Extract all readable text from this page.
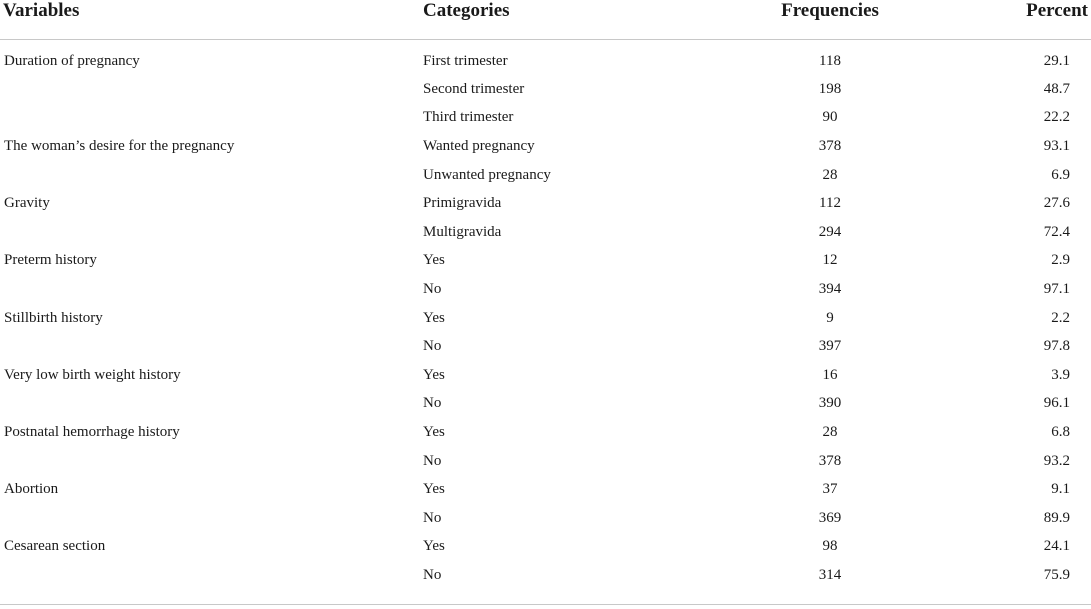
Variables	Categories	Frequencies	Percent
Duration of pregnancy	First trimester	118	29.1
	Second trimester	198	48.7
	Third trimester	90	22.2
The woman’s desire for the pregnancy	Wanted pregnancy	378	93.1
	Unwanted pregnancy	28	6.9
Gravity	Primigravida	112	27.6
	Multigravida	294	72.4
Preterm history	Yes	12	2.9
	No	394	97.1
Stillbirth history	Yes	9	2.2
	No	397	97.8
Very low birth weight history	Yes	16	3.9
	No	390	96.1
Postnatal hemorrhage history	Yes	28	6.8
	No	378	93.2
Abortion	Yes	37	9.1
	No	369	89.9
Cesarean section	Yes	98	24.1
	No	314	75.9
